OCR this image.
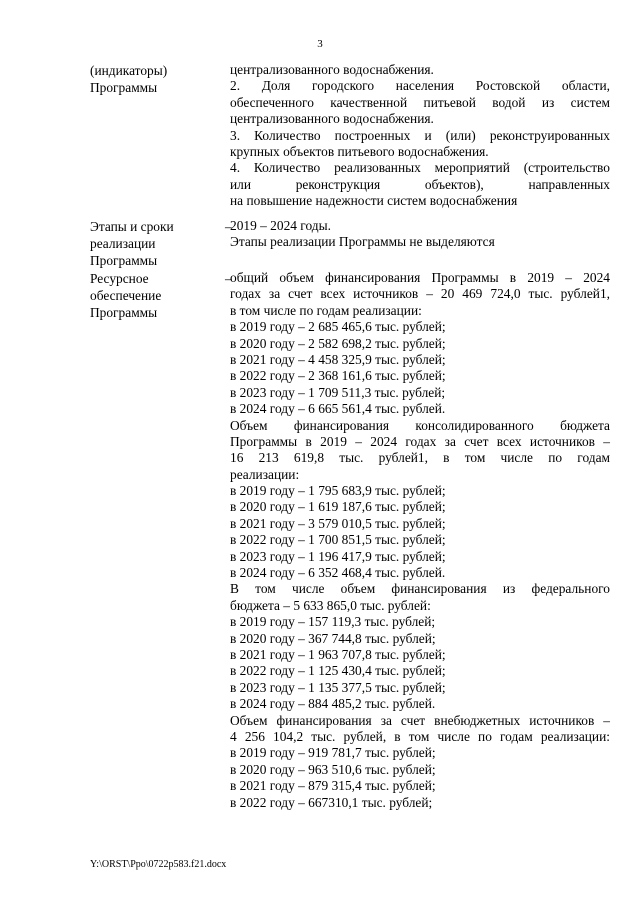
3
(индикаторы)
Программы
централизованного водоснабжения.
2. Доля городского населения Ростовской области,
обеспеченного качественной питьевой водой из систем
централизованного водоснабжения.
3. Количество построенных и (или) реконструированных
крупных объектов питьевого водоснабжения.
4. Количество реализованных мероприятий (строительство
или реконструкция объектов), направленных
на повышение надежности систем водоснабжения
Этапы и сроки
реализации
Программы
–
2019 – 2024 годы.
Этапы реализации Программы не выделяются
Ресурсное
обеспечение
Программы
–
общий объем финансирования Программы в 2019 – 2024
годах за счет всех источников – 20 469 724,0 тыс. рублей1,
в том числе по годам реализации:
в 2019 году – 2 685 465,6 тыс. рублей;
в 2020 году – 2 582 698,2 тыс. рублей;
в 2021 году – 4 458 325,9 тыс. рублей;
в 2022 году – 2 368 161,6 тыс. рублей;
в 2023 году – 1 709 511,3 тыс. рублей;
в 2024 году – 6 665 561,4 тыс. рублей.
Объем финансирования консолидированного бюджета
Программы в 2019 – 2024 годах за счет всех источников –
16 213 619,8 тыс. рублей1, в том числе по годам
реализации:
в 2019 году – 1 795 683,9 тыс. рублей;
в 2020 году – 1 619 187,6 тыс. рублей;
в 2021 году – 3 579 010,5 тыс. рублей;
в 2022 году – 1 700 851,5 тыс. рублей;
в 2023 году – 1 196 417,9 тыс. рублей;
в 2024 году – 6 352 468,4 тыс. рублей.
В том числе объем финансирования из федерального
бюджета – 5 633 865,0 тыс. рублей:
в 2019 году – 157 119,3 тыс. рублей;
в 2020 году – 367 744,8 тыс. рублей;
в 2021 году – 1 963 707,8 тыс. рублей;
в 2022 году – 1 125 430,4 тыс. рублей;
в 2023 году – 1 135 377,5 тыс. рублей;
в 2024 году – 884 485,2 тыс. рублей.
Объем финансирования за счет внебюджетных источников –
4 256 104,2 тыс. рублей, в том числе по годам реализации:
в 2019 году – 919 781,7 тыс. рублей;
в 2020 году – 963 510,6 тыс. рублей;
в 2021 году – 879 315,4 тыс. рублей;
в 2022 году – 667310,1 тыс. рублей;
Y:\ORST\Ppo\0722p583.f21.docx
